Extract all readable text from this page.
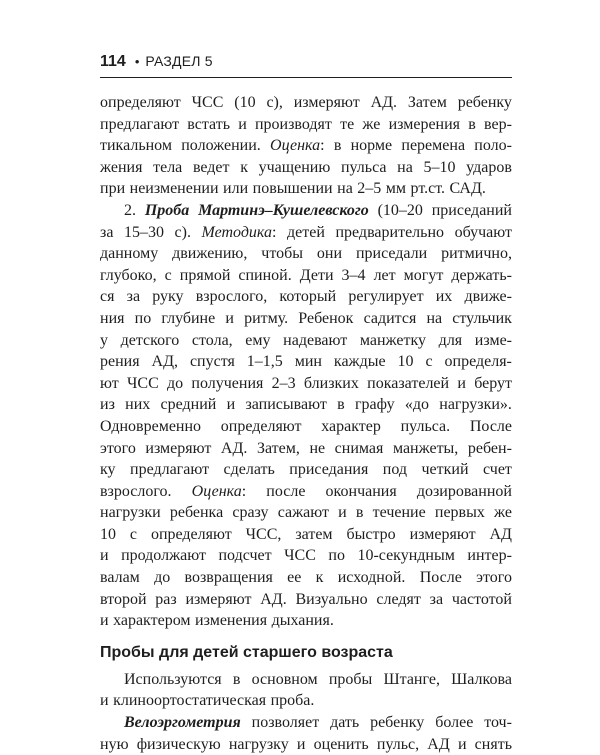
114 • РАЗДЕЛ 5
определяют ЧСС (10 с), измеряют АД. Затем ребенку
предлагают встать и производят те же измерения в вер-
тикальном положении. Оценка: в норме перемена поло-
жения тела ведет к учащению пульса на 5–10 ударов
при неизменении или повышении на 2–5 мм рт.ст. САД.
2. Проба Мартинэ–Кушелевского (10–20 приседаний
за 15–30 с). Методика: детей предварительно обучают
данному движению, чтобы они приседали ритмично,
глубоко, с прямой спиной. Дети 3–4 лет могут держать-
ся за руку взрослого, который регулирует их движе-
ния по глубине и ритму. Ребенок садится на стульчик
у детского стола, ему надевают манжетку для изме-
рения АД, спустя 1–1,5 мин каждые 10 с определя-
ют ЧСС до получения 2–3 близких показателей и берут
из них средний и записывают в графу «до нагрузки».
Одновременно определяют характер пульса. После
этого измеряют АД. Затем, не снимая манжеты, ребен-
ку предлагают сделать приседания под четкий счет
взрослого. Оценка: после окончания дозированной
нагрузки ребенка сразу сажают и в течение первых же
10 с определяют ЧСС, затем быстро измеряют АД
и продолжают подсчет ЧСС по 10-секундным интер-
валам до возвращения ее к исходной. После этого
второй раз измеряют АД. Визуально следят за частотой
и характером изменения дыхания.
Пробы для детей старшего возраста
Используются в основном пробы Штанге, Шалкова
и клиноортостатическая проба.
Велоэргометрия позволяет дать ребенку более точ-
ную физическую нагрузку и оценить пульс, АД и снять
